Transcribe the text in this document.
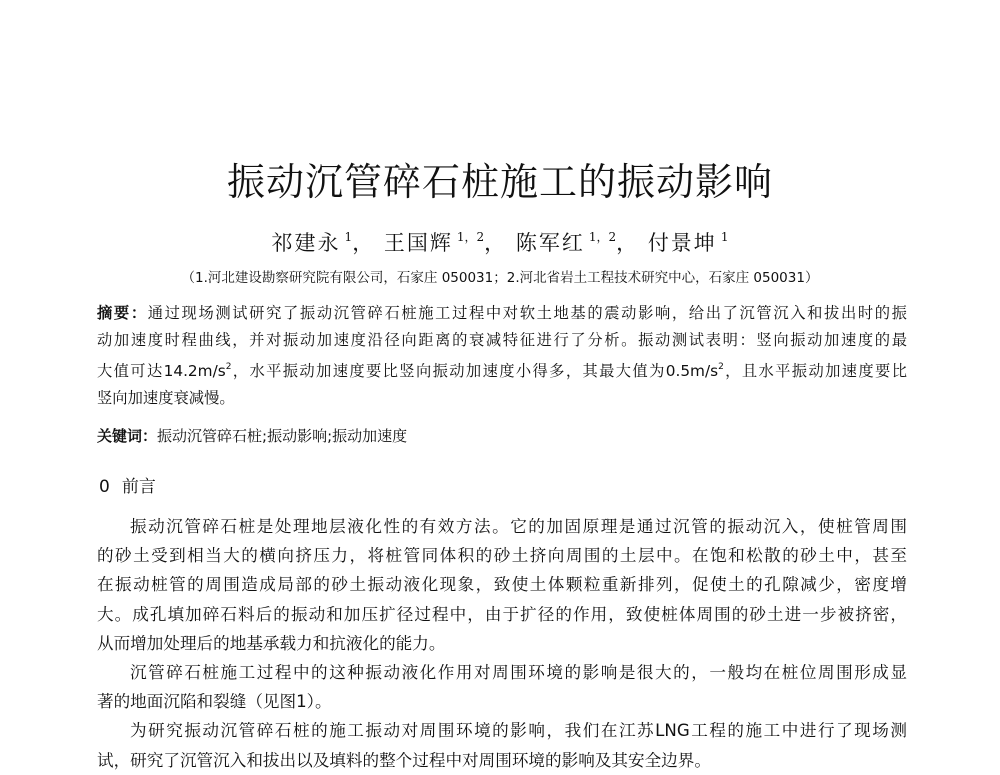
振动沉管碎石桩施工的振动影响
祁建永 $^1$， 王国辉 $^{1,2}$， 陈军红 $^{1,2}$， 付景坤 $^1$
（1.河北建设勘察研究院有限公司，石家庄 050031；2.河北省岩土工程技术研究中心，石家庄 050031）
摘要：通过现场测试研究了振动沉管碎石桩施工过程中对软土地基的震动影响，给出了沉管沉入和拔出时的振
动加速度时程曲线，并对振动加速度沿径向距离的衰减特征进行了分析。振动测试表明：竖向振动加速度的最
大值可达$14.2m/s^2$，水平振动加速度要比竖向振动加速度小得多，其最大值为$0.5m/s^2$，且水平振动加速度要比
竖向加速度衰减慢。
关键词：振动沉管碎石桩;振动影响;振动加速度
0 前言
振动沉管碎石桩是处理地层液化性的有效方法。它的加固原理是通过沉管的振动沉入，使桩管周围
的砂土受到相当大的横向挤压力，将桩管同体积的砂土挤向周围的土层中。在饱和松散的砂土中，甚至
在振动桩管的周围造成局部的砂土振动液化现象，致使土体颗粒重新排列，促使土的孔隙减少，密度增
大。成孔填加碎石料后的振动和加压扩径过程中，由于扩径的作用，致使桩体周围的砂土进一步被挤密，
从而增加处理后的地基承载力和抗液化的能力。
沉管碎石桩施工过程中的这种振动液化作用对周围环境的影响是很大的，一般均在桩位周围形成显
著的地面沉陷和裂缝（见图1）。
为研究振动沉管碎石桩的施工振动对周围环境的影响，我们在江苏LNG工程的施工中进行了现场测
试，研究了沉管沉入和拔出以及填料的整个过程中对周围环境的影响及其安全边界。
